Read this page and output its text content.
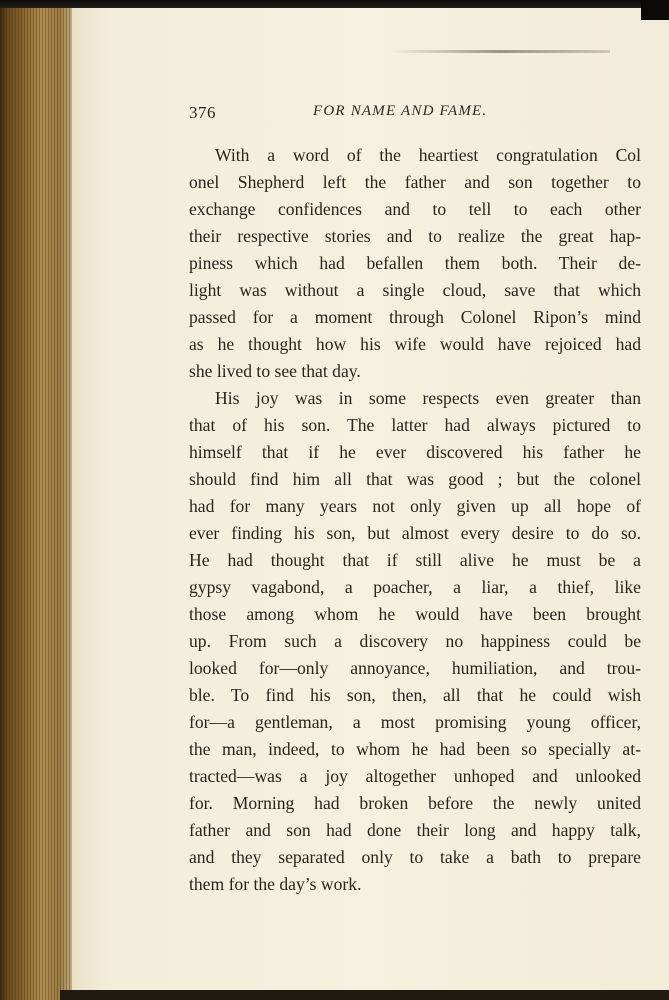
376	FOR NAME AND FAME.
With a word of the heartiest congratulation Col
onel Shepherd left the father and son together to
exchange confidences and to tell to each other
their respective stories and to realize the great hap-
piness which had befallen them both. Their de-
light was without a single cloud, save that which
passed for a moment through Colonel Ripon’s mind
as he thought how his wife would have rejoiced had
she lived to see that day.
His joy was in some respects even greater than
that of his son. The latter had always pictured to
himself that if he ever discovered his father he
should find him all that was good ; but the colonel
had for many years not only given up all hope of
ever finding his son, but almost every desire to do so.
He had thought that if still alive he must be a
gypsy vagabond, a poacher, a liar, a thief, like
those among whom he would have been brought
up. From such a discovery no happiness could be
looked for—only annoyance, humiliation, and trou-
ble. To find his son, then, all that he could wish
for—a gentleman, a most promising young officer,
the man, indeed, to whom he had been so specially at-
tracted—was a joy altogether unhoped and unlooked
for. Morning had broken before the newly united
father and son had done their long and happy talk,
and they separated only to take a bath to prepare
them for the day’s work.
